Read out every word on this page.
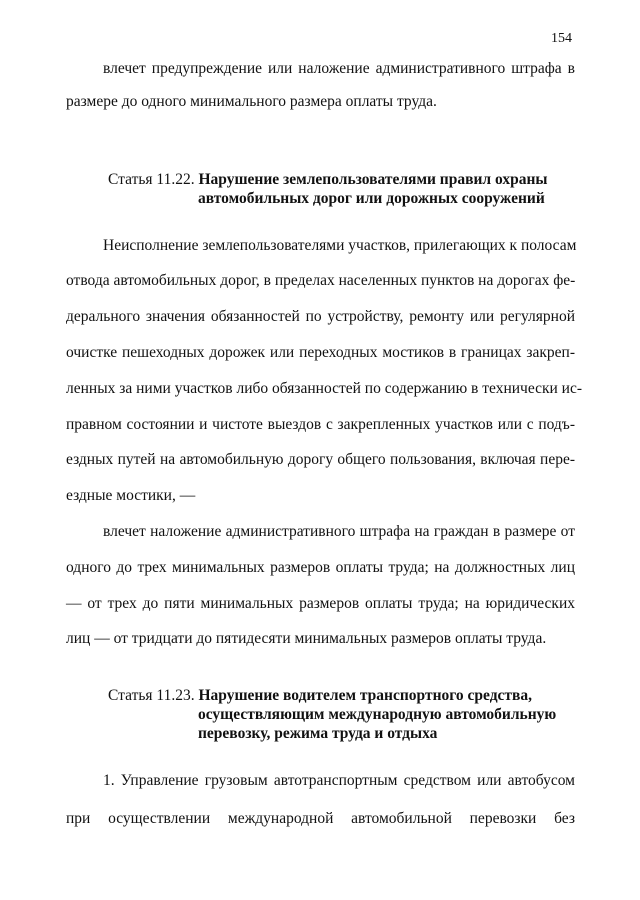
154
влечет предупреждение или наложение административного штрафа в
размере до одного минимального размера оплаты труда.
Статья 11.22. Нарушение землепользователями правил охраны
автомобильных дорог или дорожных сооружений
Неисполнение землепользователями участков, прилегающих к полосам
отвода автомобильных дорог, в пределах населенных пунктов на дорогах фе-
дерального значения обязанностей по устройству, ремонту или регулярной
очистке пешеходных дорожек или переходных мостиков в границах закреп-
ленных за ними участков либо обязанностей по содержанию в технически ис-
правном состоянии и чистоте выездов с закрепленных участков или с подъ-
ездных путей на автомобильную дорогу общего пользования, включая пере-
ездные мостики, —
влечет наложение административного штрафа на граждан в размере от
одного до трех минимальных размеров оплаты труда; на должностных лиц
— от трех до пяти минимальных размеров оплаты труда; на юридических
лиц — от тридцати до пятидесяти минимальных размеров оплаты труда.
Статья 11.23. Нарушение водителем транспортного средства,
осуществляющим международную автомобильную
перевозку, режима труда и отдыха
1. Управление грузовым автотранспортным средством или автобусом
при осуществлении международной автомобильной перевозки без
